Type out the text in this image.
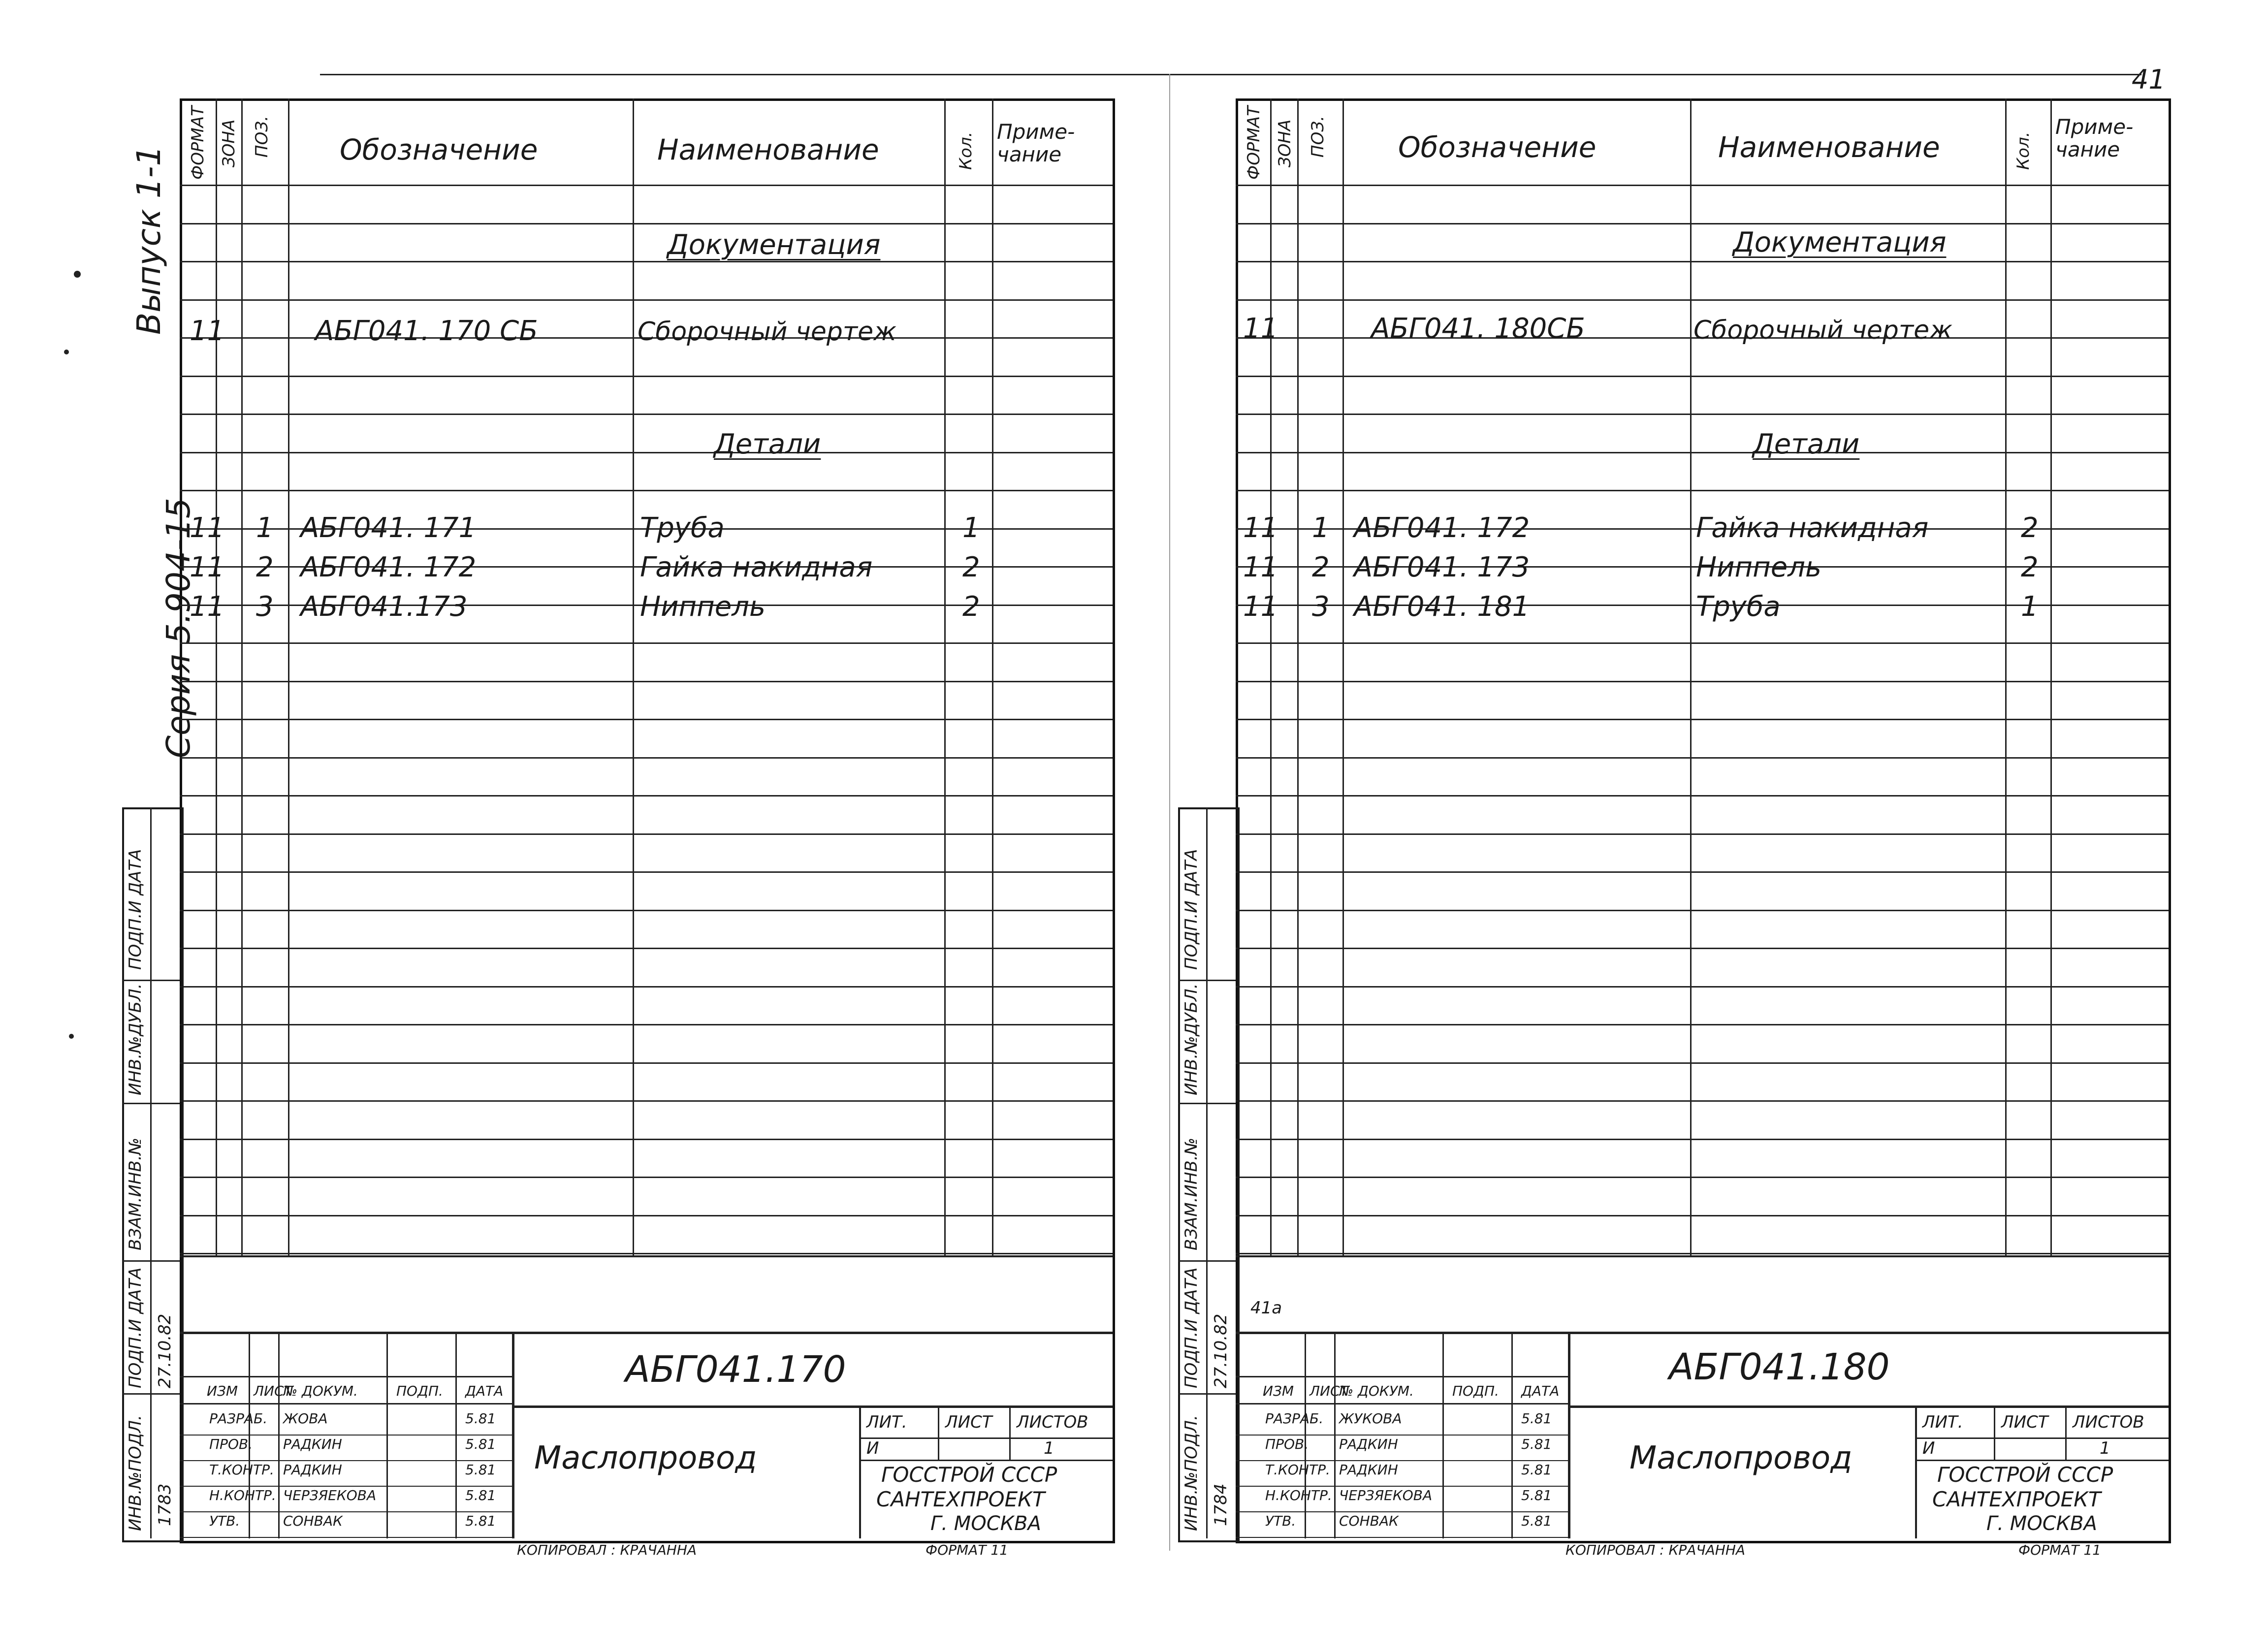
41
Выпуск 1-1
Серия 5.904-15
ФОРМАТ ЗОНА ПОЗ. Обозначение	Наименование	Кол.
Приме-
чание
Документация
11	АБГ041. 170 СБ	Сборочный чертеж
Детали
11 1 АБГ041. 171	Труба	1
11 2 АБГ041. 172	Гайка накидная	2
11 3 АБГ041.173	Ниппель	2
ВЗАМ.ИНВ.№
ИНВ.№ДУБЛ.
ПОДП.И ДАТА
ПОДП.И ДАТА
ИНВ.№ПОДЛ.
27.10.82
1783
АБГ041.170
Маслопровод
ЛИТ. ЛИСТ ЛИСТОВ
И	1
ГОССТРОЙ СССР
САНТЕХПРОЕКТ
Г. МОСКВА
ИЗМ ЛИСТ
№ ДОКУМ.	ПОДП. ДАТА
РАЗРАБ. ЖОВА	5.81
ПРОВ. РАДКИН	5.81
Т.КОНТР. РАДКИН	5.81
Н.КОНТР. ЧЕРЗЯЕКОВА	5.81
УТВ.	СОНВАК	5.81
КОПИРОВАЛ : КРАЧАННА	ФОРМАТ 11
ФОРМАТ ЗОНА ПОЗ. Обозначение	Наименование	Кол.
Приме-
чание
Документация
11	АБГ041. 180СБ	Сборочный чертеж
Детали
11 1 АБГ041. 172	Гайка накидная	2
11 2 АБГ041. 173	Ниппель	2
11 3 АБГ041. 181	Труба	1
ВЗАМ.ИНВ.№
ИНВ.№ДУБЛ.
ПОДП.И ДАТА
ПОДП.И ДАТА
ИНВ.№ПОДЛ.
27.10.82
1784
41а
АБГ041.180
Маслопровод
ЛИТ. ЛИСТ ЛИСТОВ
И	1
ГОССТРОЙ СССР
САНТЕХПРОЕКТ
Г. МОСКВА
ИЗМ ЛИСТ
№ ДОКУМ.	ПОДП. ДАТА
РАЗРАБ. ЖУКОВА	5.81
ПРОВ. РАДКИН	5.81
Т.КОНТР. РАДКИН	5.81
Н.КОНТР. ЧЕРЗЯЕКОВА	5.81
УТВ.	СОНВАК	5.81
КОПИРОВАЛ : КРАЧАННА	ФОРМАТ 11
